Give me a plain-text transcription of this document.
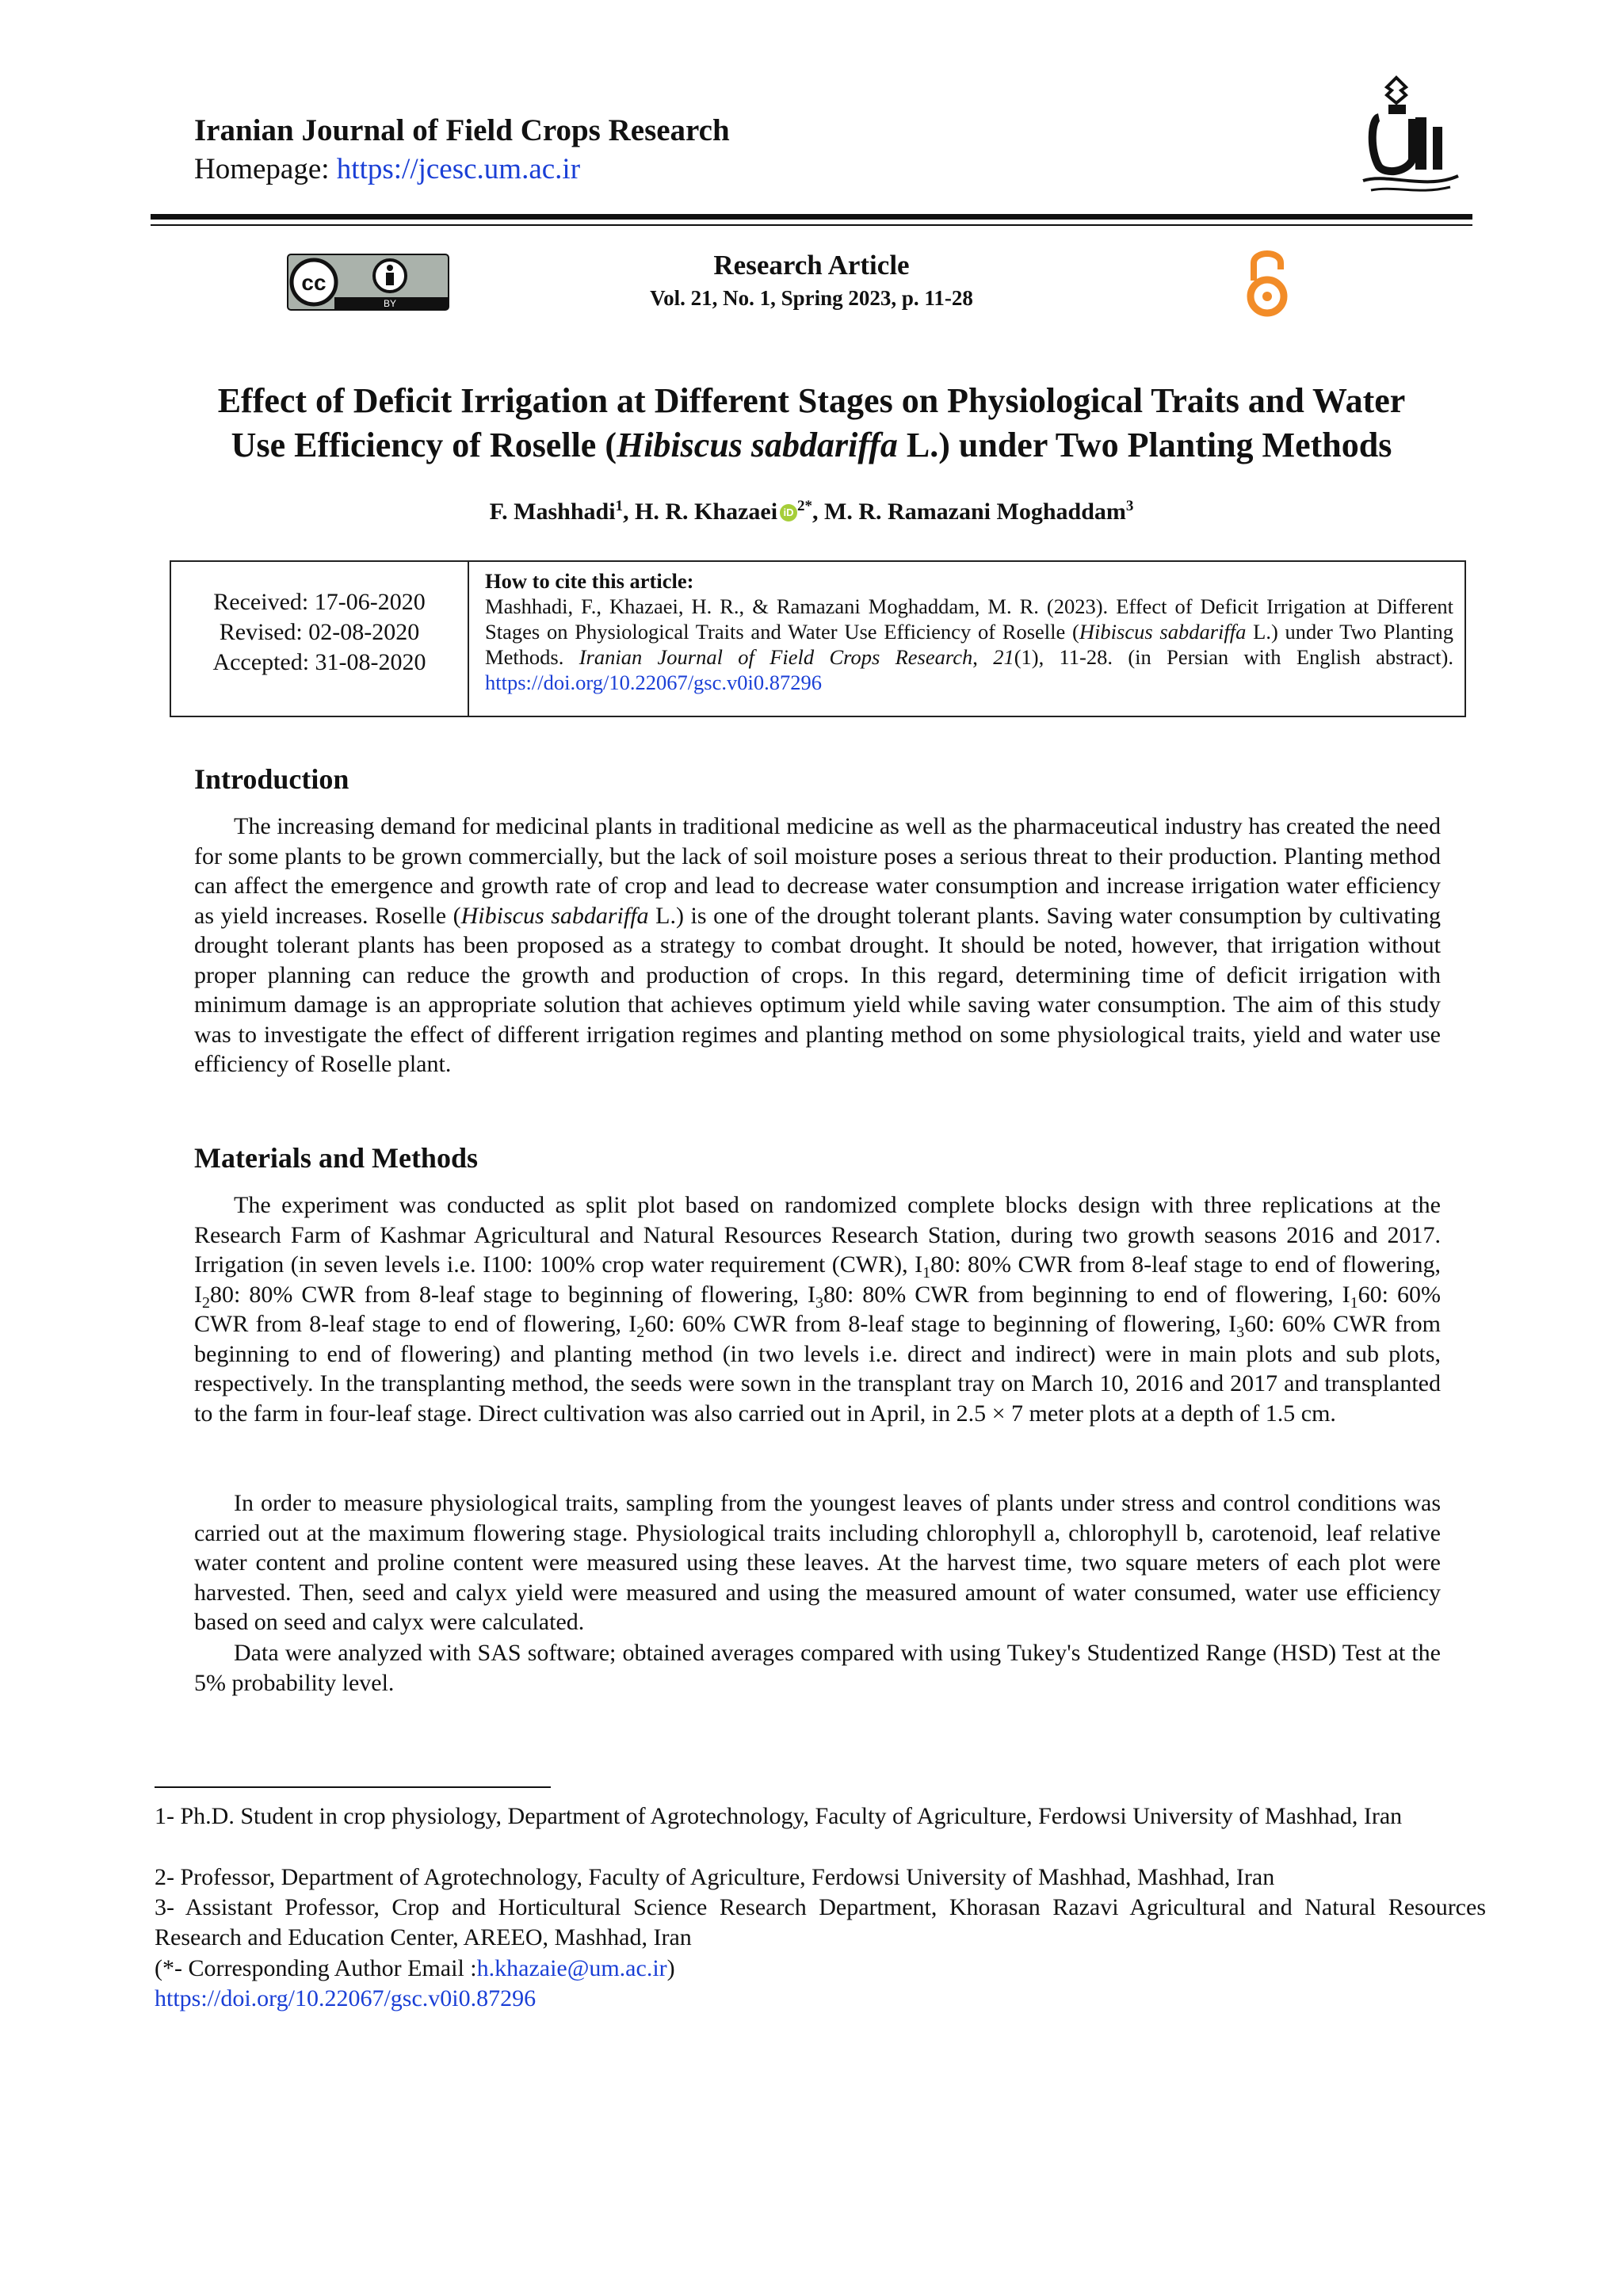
Iranian Journal of Field Crops Research
Homepage: https://jcesc.um.ac.ir
cc
BY
Research Article
Vol. 21, No. 1, Spring 2023, p. 11-28
Effect of Deficit Irrigation at Different Stages on Physiological Traits and Water
Use Efficiency of Roselle (Hibiscus sabdariffa L.) under Two Planting Methods
F. Mashhadi$^1$, H. R. Khazaei iD $^{2*}$, M. R. Ramazani Moghaddam$^3$
Received: 17-06-2020
Revised: 02-08-2020
Accepted: 31-08-2020
How to cite this article:
Mashhadi, F., Khazaei, H. R., & Ramazani Moghaddam, M. R. (2023). Effect of Deficit Irrigation at Different Stages on Physiological Traits and Water Use Efficiency of Roselle (Hibiscus sabdariffa L.) under Two Planting Methods. Iranian Journal of Field Crops Research, 21(1), 11-28. (in Persian with English abstract). https://doi.org/10.22067/gsc.v0i0.87296
Introduction
The increasing demand for medicinal plants in traditional medicine as well as the pharmaceutical industry has created the need for some plants to be grown commercially, but the lack of soil moisture poses a serious threat to their production. Planting method can affect the emergence and growth rate of crop and lead to decrease water consumption and increase irrigation water efficiency as yield increases. Roselle (Hibiscus sabdariffa L.) is one of the drought tolerant plants. Saving water consumption by cultivating drought tolerant plants has been proposed as a strategy to combat drought. It should be noted, however, that irrigation without proper planning can reduce the growth and production of crops. In this regard, determining time of deficit irrigation with minimum damage is an appropriate solution that achieves optimum yield while saving water consumption. The aim of this study was to investigate the effect of different irrigation regimes and planting method on some physiological traits, yield and water use efficiency of Roselle plant.
Materials and Methods
The experiment was conducted as split plot based on randomized complete blocks design with three replications at the Research Farm of Kashmar Agricultural and Natural Resources Research Station, during two growth seasons 2016 and 2017. Irrigation (in seven levels i.e. I100: 100% crop water requirement (CWR), $I_180$: 80% CWR from 8-leaf stage to end of flowering, $I_280$: 80% CWR from 8-leaf stage to beginning of flowering, $I_380$: 80% CWR from beginning to end of flowering, $I_160$: 60% CWR from 8-leaf stage to end of flowering, $I_260$: 60% CWR from 8-leaf stage to beginning of flowering, $I_360$: 60% CWR from beginning to end of flowering) and planting method (in two levels i.e. direct and indirect) were in main plots and sub plots, respectively. In the transplanting method, the seeds were sown in the transplant tray on March 10, 2016 and 2017 and transplanted to the farm in four-leaf stage. Direct cultivation was also carried out in April, in 2.5 × 7 meter plots at a depth of 1.5 cm.
In order to measure physiological traits, sampling from the youngest leaves of plants under stress and control conditions was carried out at the maximum flowering stage. Physiological traits including chlorophyll a, chlorophyll b, carotenoid, leaf relative water content and proline content were measured using these leaves. At the harvest time, two square meters of each plot were harvested. Then, seed and calyx yield were measured and using the measured amount of water consumed, water use efficiency based on seed and calyx were calculated.
Data were analyzed with SAS software; obtained averages compared with using Tukey's Studentized Range (HSD) Test at the 5% probability level.
1- Ph.D. Student in crop physiology, Department of Agrotechnology, Faculty of Agriculture, Ferdowsi University of Mashhad, Iran
2- Professor, Department of Agrotechnology, Faculty of Agriculture, Ferdowsi University of Mashhad, Mashhad, Iran
3- Assistant Professor, Crop and Horticultural Science Research Department, Khorasan Razavi Agricultural and Natural Resources Research and Education Center, AREEO, Mashhad, Iran
(*- Corresponding Author Email :h.khazaie@um.ac.ir)
https://doi.org/10.22067/gsc.v0i0.87296
